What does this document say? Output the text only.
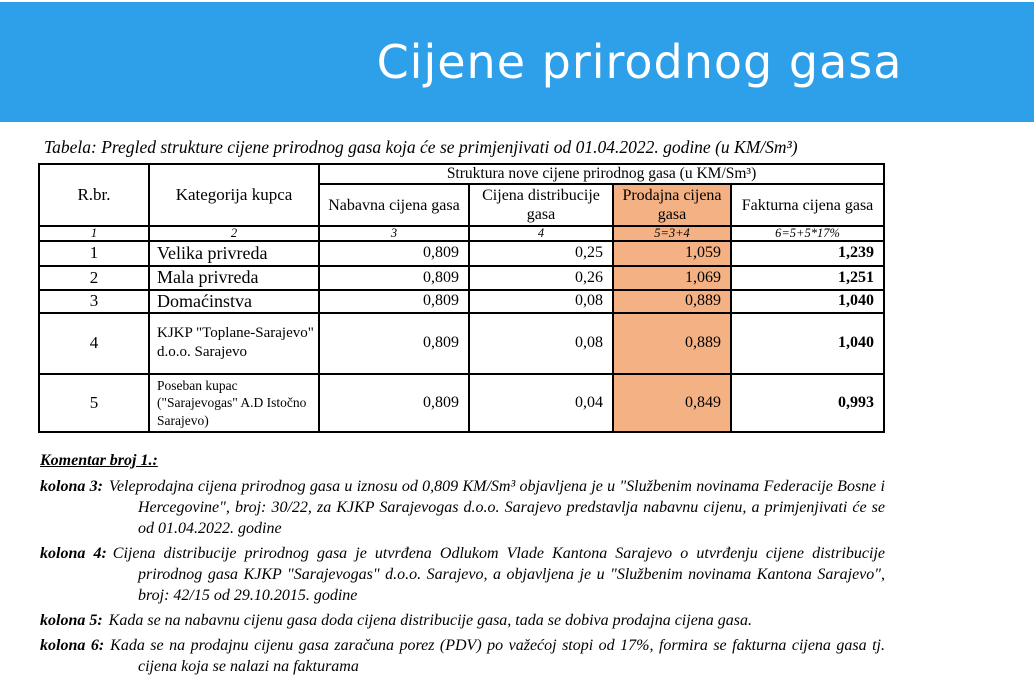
Cijene prirodnog gasa

Tabela: Pregled strukture cijene prirodnog gasa koja će se primjenjivati od 01.04.2022. godine (u KM/Sm³)

R.br.	Kategorija kupca	Struktura nove cijene prirodnog gasa (u KM/Sm³)			
		Nabavna cijena gasa	Cijena distribucije gasa	Prodajna cijena gasa	Fakturna cijena gasa
1	2	3	4	5=3+4	6=5+5*17%
1	Velika privreda	0,809	0,25	1,059	1,239
2	Mala privreda	0,809	0,26	1,069	1,251
3	Domaćinstva	0,809	0,08	0,889	1,040
4	KJKP "Toplane-Sarajevo" d.o.o. Sarajevo	0,809	0,08	0,889	1,040
5	Poseban kupac ("Sarajevogas" A.D Istočno Sarajevo)	0,809	0,04	0,849	0,993

Komentar broj 1.:

kolona 3: Veleprodajna cijena prirodnog gasa u iznosu od 0,809 KM/Sm³ objavljena je u "Službenim novinama Federacije Bosne i Hercegovine", broj: 30/22, za KJKP Sarajevogas d.o.o. Sarajevo predstavlja nabavnu cijenu, a primjenjivati će se od 01.04.2022. godine

kolona 4: Cijena distribucije prirodnog gasa je utvrđena Odlukom Vlade Kantona Sarajevo o utvrđenju cijene distribucije prirodnog gasa KJKP "Sarajevogas" d.o.o. Sarajevo, a objavljena je u "Službenim novinama Kantona Sarajevo", broj: 42/15 od 29.10.2015. godine

kolona 5: Kada se na nabavnu cijenu gasa doda cijena distribucije gasa, tada se dobiva prodajna cijena gasa.

kolona 6: Kada se na prodajnu cijenu gasa zaračuna porez (PDV) po važećoj stopi od 17%, formira se fakturna cijena gasa tj. cijena koja se nalazi na fakturama
